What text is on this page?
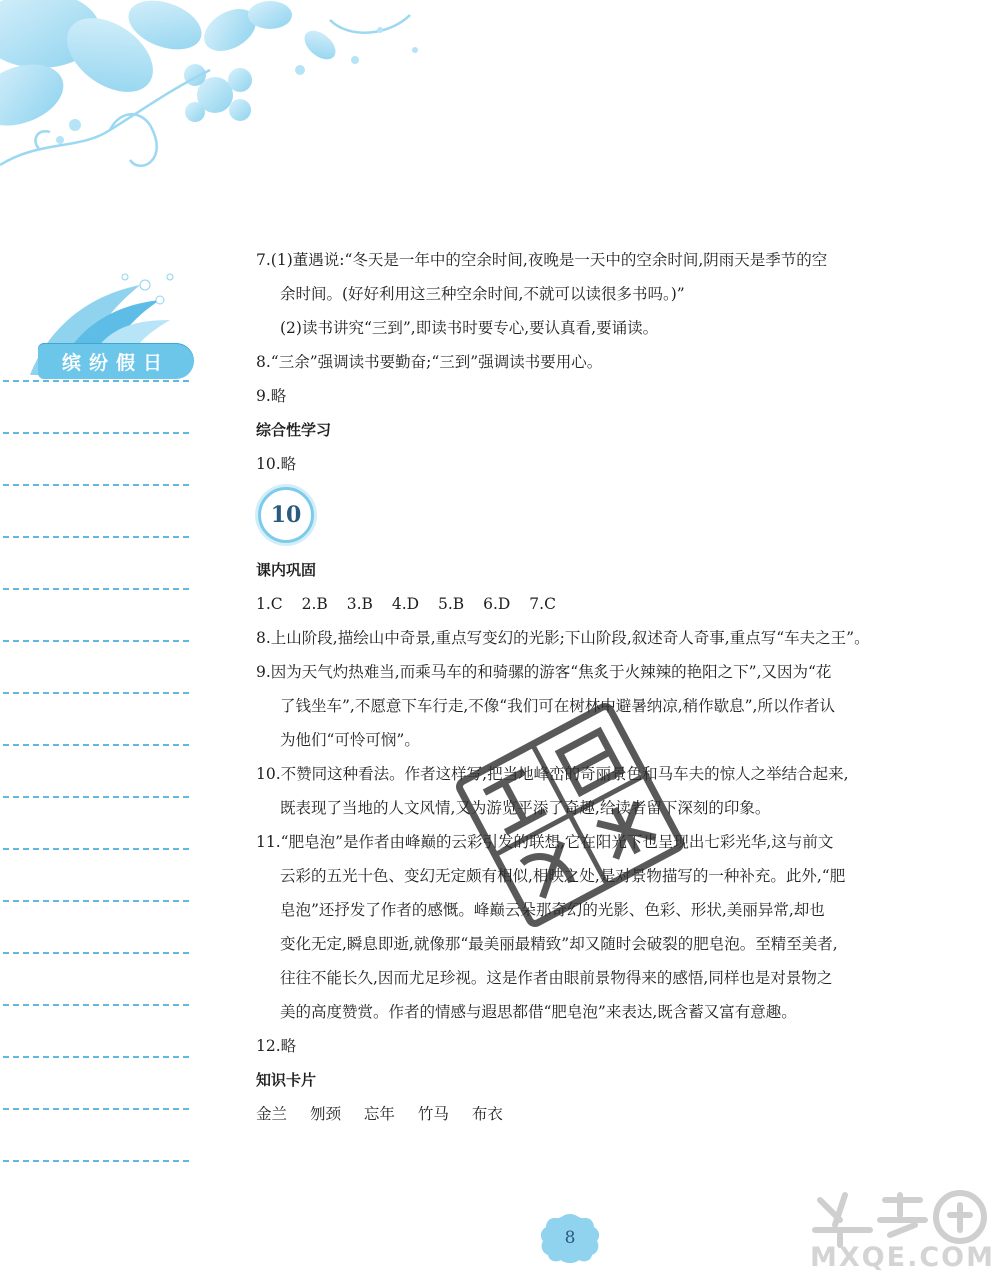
缤纷假日

7.(1)董遇说:“冬天是一年中的空余时间,夜晚是一天中的空余时间,阴雨天是季节的空

余时间。(好好利用这三种空余时间,不就可以读很多书吗。)”

(2)读书讲究“三到”,即读书时要专心,要认真看,要诵读。

8.“三余”强调读书要勤奋;“三到”强调读书要用心。

9.略

综合性学习

10.略

10

课内巩固

1.C 2.B 3.B 4.D 5.B 6.D 7.C

8.上山阶段,描绘山中奇景,重点写变幻的光影;下山阶段,叙述奇人奇事,重点写“车夫之王”。

9.因为天气灼热难当,而乘马车的和骑骡的游客“焦炙于火辣辣的艳阳之下”,又因为“花

了钱坐车”,不愿意下车行走,不像“我们可在树林中避暑纳凉,稍作歇息”,所以作者认

为他们“可怜可悯”。

10.不赞同这种看法。作者这样写,把当地峰峦的奇丽景色和马车夫的惊人之举结合起来,

既表现了当地的人文风情,又为游览平添了奇趣,给读者留下深刻的印象。

11.“肥皂泡”是作者由峰巅的云彩引发的联想,它在阳光下也呈现出七彩光华,这与前文

云彩的五光十色、变幻无定颇有相似,相映之处,是对景物描写的一种补充。此外,“肥

皂泡”还抒发了作者的感慨。峰巅云朵那奇幻的光影、色彩、形状,美丽异常,却也

变化无定,瞬息即逝,就像那“最美丽最精致”却又随时会破裂的肥皂泡。至精至美者,

往往不能长久,因而尤足珍视。这是作者由眼前景物得来的感悟,同样也是对景物之

美的高度赞赏。作者的情感与遐思都借“肥皂泡”来表达,既含蓄又富有意趣。

12.略

知识卡片

金兰 刎颈 忘年 竹马 布衣

8
MXQE.COM
